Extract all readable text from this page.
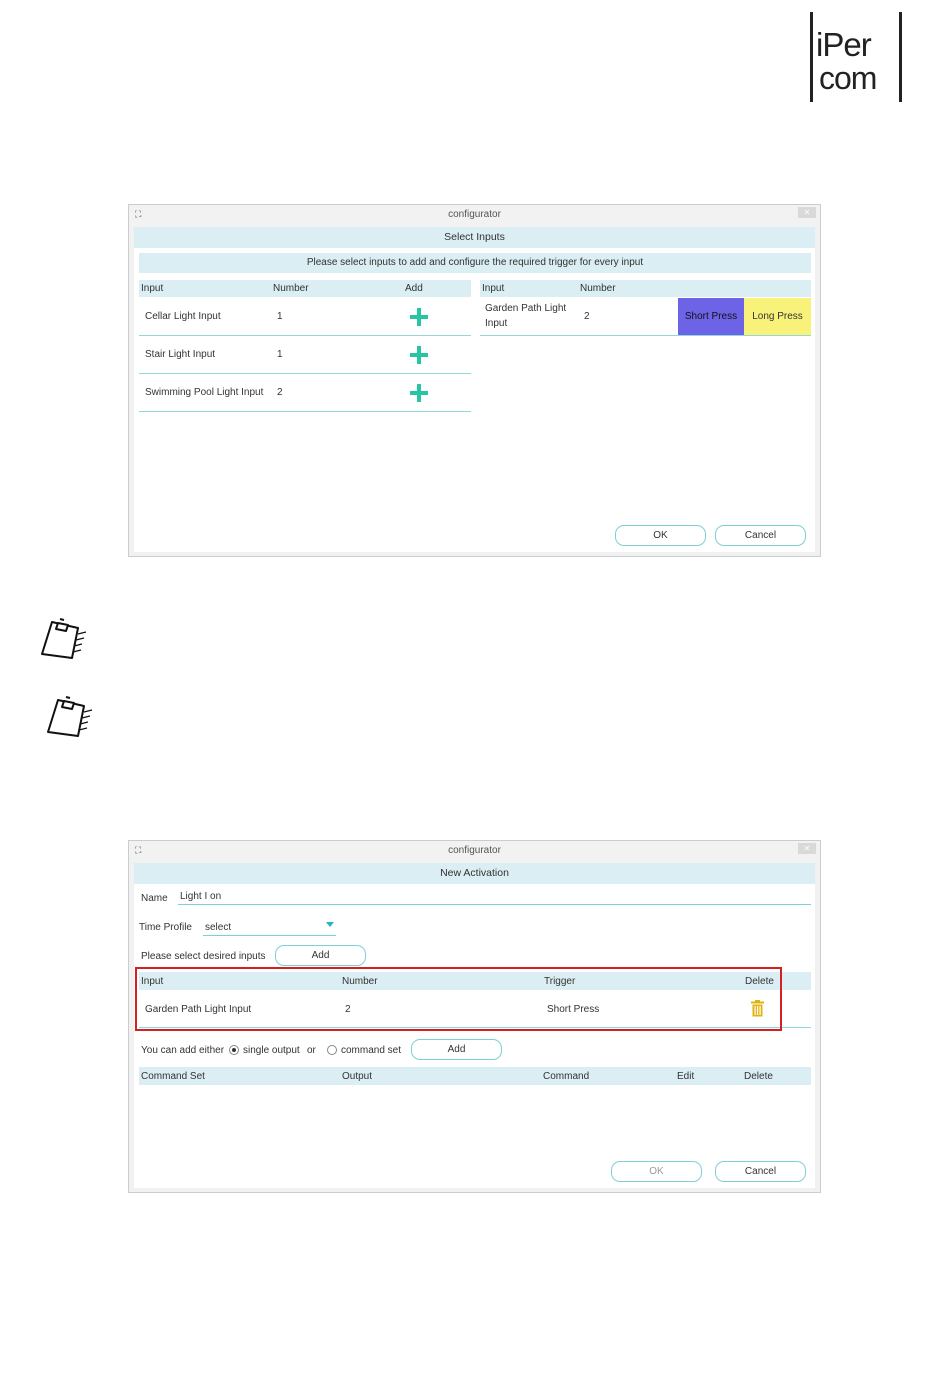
iPer
com
⛶	configurator	✕
Select Inputs
Please select inputs to add and configure the required trigger for every input
Input	Number	Add
Cellar Light Input	1
Stair Light Input	1
Swimming Pool Light Input 2
Input	Number
Garden Path Light
Input
2	Short Press	Long Press
OK	Cancel
⛶	configurator	✕
New Activation
Name Light I on
Time Profile select
Please select desired inputs	Add
Input	Number	Trigger	Delete
Garden Path Light Input	2	Short Press
You can add either single output or	command set	Add
Command Set	Output	Command	Edit	Delete
OK	Cancel
